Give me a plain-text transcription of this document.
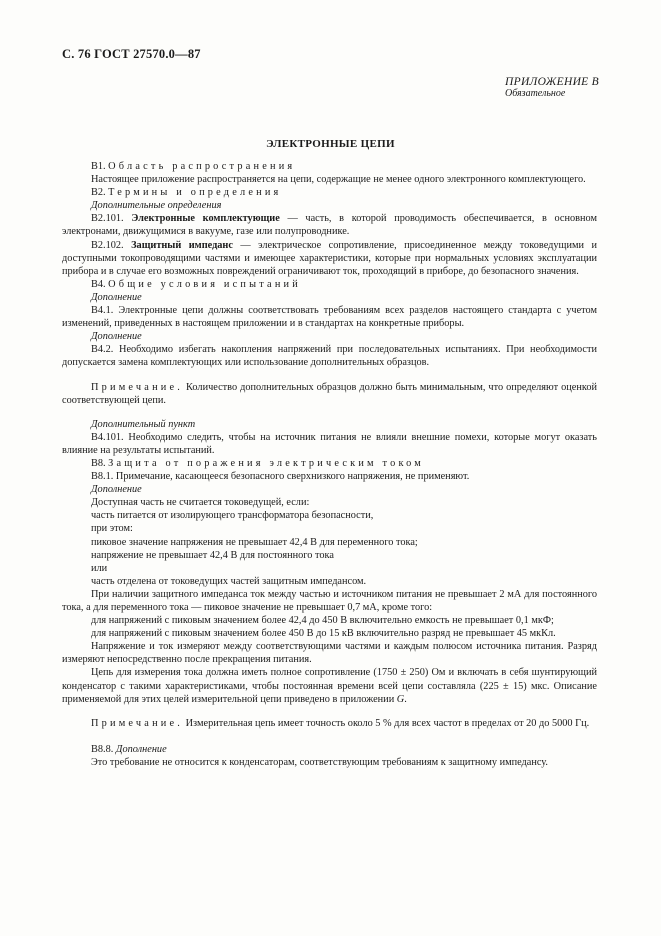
С. 76 ГОСТ 27570.0—87
ПРИЛОЖЕНИЕ В
Обязательное
ЭЛЕКТРОННЫЕ ЦЕПИ

В1. Область распространения

Настоящее приложение распространяется на цепи, содержащие не менее одного электронного комплектующего.

В2. Термины и определения

Дополнительные определения

В2.101. Электронные комплектующие — часть, в которой проводимость обеспечивается, в основном электронами, движущимися в вакууме, газе или полупроводнике.

В2.102. Защитный импеданс — электрическое сопротивление, присоединенное между токоведущими и доступными токопроводящими частями и имеющее характеристики, которые при нормальных условиях эксплуатации прибора и в случае его возможных повреждений ограничивают ток, проходящий в приборе, до безопасного значения.

В4. Общие условия испытаний

Дополнение

В4.1. Электронные цепи должны соответствовать требованиям всех разделов настоящего стандарта с учетом изменений, приведенных в настоящем приложении и в стандартах на конкретные приборы.

Дополнение

В4.2. Необходимо избегать накопления напряжений при последовательных испытаниях. При необходимости допускается замена комплектующих или использование дополнительных образцов.

Примечание. Количество дополнительных образцов должно быть минимальным, что определяют оценкой соответствующей цепи.

Дополнительный пункт

В4.101. Необходимо следить, чтобы на источник питания не влияли внешние помехи, которые могут оказать влияние на результаты испытаний.

В8. Защита от поражения электрическим током

В8.1. Примечание, касающееся безопасного сверхнизкого напряжения, не применяют.

Дополнение

Доступная часть не считается токоведущей, если:

часть питается от изолирующего трансформатора безопасности,

при этом:

пиковое значение напряжения не превышает 42,4 В для переменного тока;

напряжение не превышает 42,4 В для постоянного тока

или

часть отделена от токоведущих частей защитным импедансом.

При наличии защитного импеданса ток между частью и источником питания не превышает 2 мА для постоянного тока, а для переменного тока — пиковое значение не превышает 0,7 мА, кроме того:

для напряжений с пиковым значением более 42,4 до 450 В включительно емкость не превышает 0,1 мкФ;

для напряжений с пиковым значением более 450 В до 15 кВ включительно разряд не превышает 45 мкКл.

Напряжение и ток измеряют между соответствующими частями и каждым полюсом источника питания. Разряд измеряют непосредственно после прекращения питания.

Цепь для измерения тока должна иметь полное сопротивление (1750 ± 250) Ом и включать в себя шунтирующий конденсатор с такими характеристиками, чтобы постоянная времени всей цепи составляла (225 ± 15) мкс. Описание применяемой для этих целей измерительной цепи приведено в приложении G.

Примечание. Измерительная цепь имеет точность около 5 % для всех частот в пределах от 20 до 5000 Гц.

В8.8. Дополнение

Это требование не относится к конденсаторам, соответствующим требованиям к защитному импедансу.
